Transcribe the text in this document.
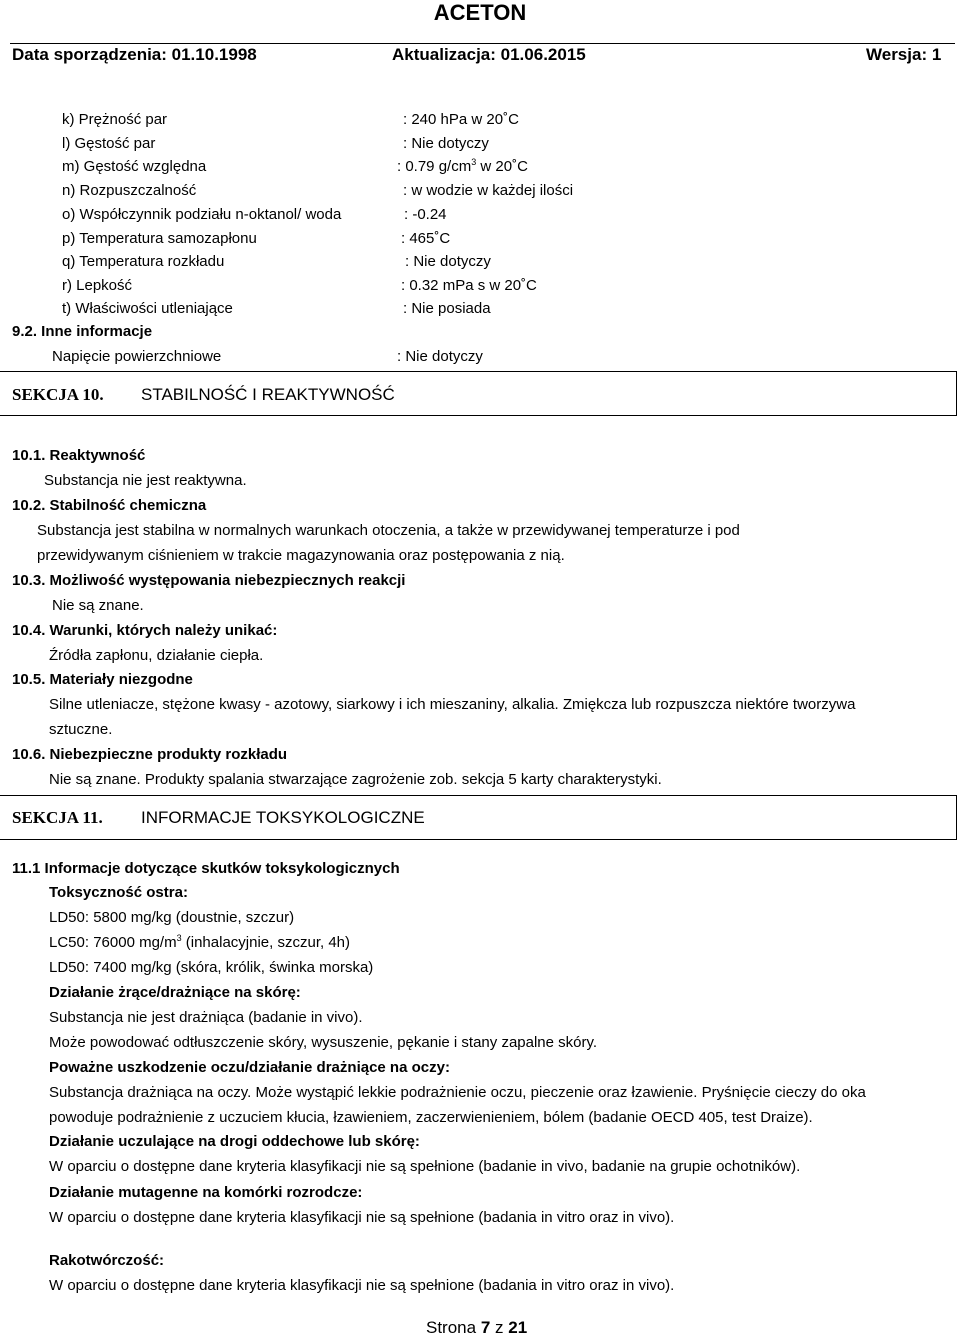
ACETON
Data sporządzenia: 01.10.1998	Aktualizacja: 01.06.2015	Wersja: 1
k) Prężność par	: 240 hPa w 20˚C
l) Gęstość par	: Nie dotyczy
m) Gęstość względna	: 0.79 $g/cm^3$ w 20˚C
n) Rozpuszczalność	: w wodzie w każdej ilości
o) Współczynnik podziału n-oktanol/ woda	: -0.24
p) Temperatura samozapłonu	: 465˚C
q) Temperatura rozkładu	: Nie dotyczy
r) Lepkość	: 0.32 mPa s w 20˚C
t) Właściwości utleniające	: Nie posiada
9.2. Inne informacje
Napięcie powierzchniowe	: Nie dotyczy
SEKCJA 10. STABILNOŚĆ I REAKTYWNOŚĆ
10.1. Reaktywność
Substancja nie jest reaktywna.
10.2. Stabilność chemiczna
Substancja jest stabilna w normalnych warunkach otoczenia, a także w przewidywanej temperaturze i pod
przewidywanym ciśnieniem w trakcie magazynowania oraz postępowania z nią.
10.3. Możliwość występowania niebezpiecznych reakcji
Nie są znane.
10.4. Warunki, których należy unikać:
Źródła zapłonu, działanie ciepła.
10.5. Materiały niezgodne
Silne utleniacze, stężone kwasy - azotowy, siarkowy i ich mieszaniny, alkalia. Zmiękcza lub rozpuszcza niektóre tworzywa
sztuczne.
10.6. Niebezpieczne produkty rozkładu
Nie są znane. Produkty spalania stwarzające zagrożenie zob. sekcja 5 karty charakterystyki.
SEKCJA 11. INFORMACJE TOKSYKOLOGICZNE
11.1 Informacje dotyczące skutków toksykologicznych
Toksyczność ostra:
LD50: 5800 mg/kg (doustnie, szczur)
LC50: 76000 $mg/m^3$ (inhalacyjnie, szczur, 4h)
LD50: 7400 mg/kg (skóra, królik, świnka morska)
Działanie żrące/drażniące na skórę:
Substancja nie jest drażniąca (badanie in vivo).
Może powodować odtłuszczenie skóry, wysuszenie, pękanie i stany zapalne skóry.
Poważne uszkodzenie oczu/działanie drażniące na oczy:
Substancja drażniąca na oczy. Może wystąpić lekkie podrażnienie oczu, pieczenie oraz łzawienie. Pryśnięcie cieczy do oka
powoduje podrażnienie z uczuciem kłucia, łzawieniem, zaczerwienieniem, bólem (badanie OECD 405, test Draize).
Działanie uczulające na drogi oddechowe lub skórę:
W oparciu o dostępne dane kryteria klasyfikacji nie są spełnione (badanie in vivo, badanie na grupie ochotników).
Działanie mutagenne na komórki rozrodcze:
W oparciu o dostępne dane kryteria klasyfikacji nie są spełnione (badania in vitro oraz in vivo).
Rakotwórczość:
W oparciu o dostępne dane kryteria klasyfikacji nie są spełnione (badania in vitro oraz in vivo).
Strona 7 z 21
